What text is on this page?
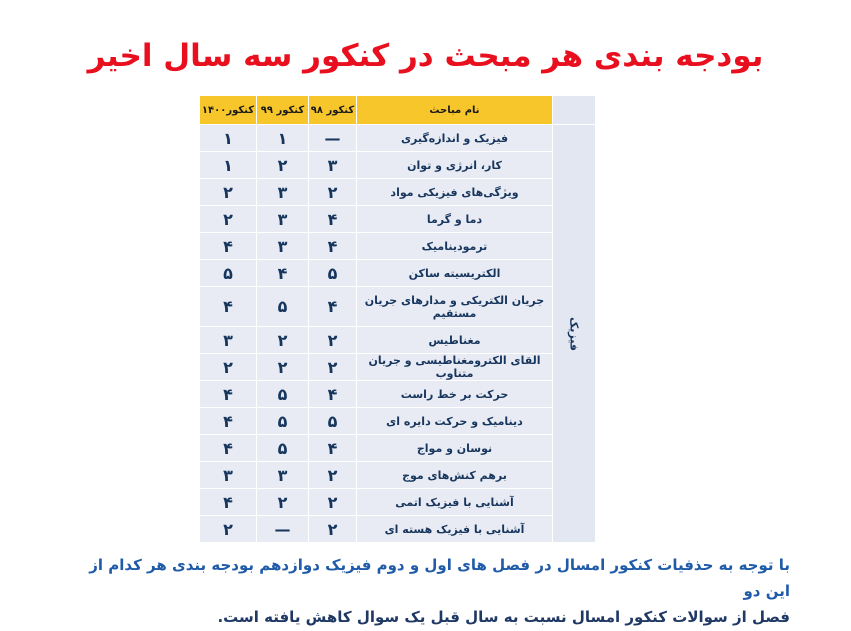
بودجه بندی هر مبحث در کنکور سه سال اخیر
	نام مباحث	کنکور ۹۸	کنکور ۹۹	کنکور۱۴۰۰
فیزیک	فیزیک و اندازه‌گیری	—	۱	۱
	کار، انرژی و توان	۳	۲	۱
	ویژگی‌های فیزیکی مواد	۲	۳	۲
	دما و گرما	۴	۳	۲
	ترمودینامیک	۴	۳	۴
	الکتریسیته ساکن	۵	۴	۵
	جریان الکتریکی و مدارهای جریان مستقیم	۴	۵	۴
	مغناطیس	۲	۲	۳
	القای الکترومغناطیسی و جریان متناوب	۲	۲	۲
	حرکت بر خط راست	۴	۵	۴
	دینامیک و حرکت دایره ای	۵	۵	۴
	نوسان و مواج	۴	۵	۴
	برهم کنش‌های موج	۲	۳	۳
	آشنایی با فیزیک اتمی	۲	۲	۴
	آشنایی با فیزیک هسته ای	۲	—	۲
با توجه به حذفیات کنکور امسال در فصل های اول و دوم فیزیک دوازدهم بودجه بندی هر کدام از این دو
فصل از سوالات کنکور امسال نسبت به سال قبل یک سوال کاهش یافته است.
